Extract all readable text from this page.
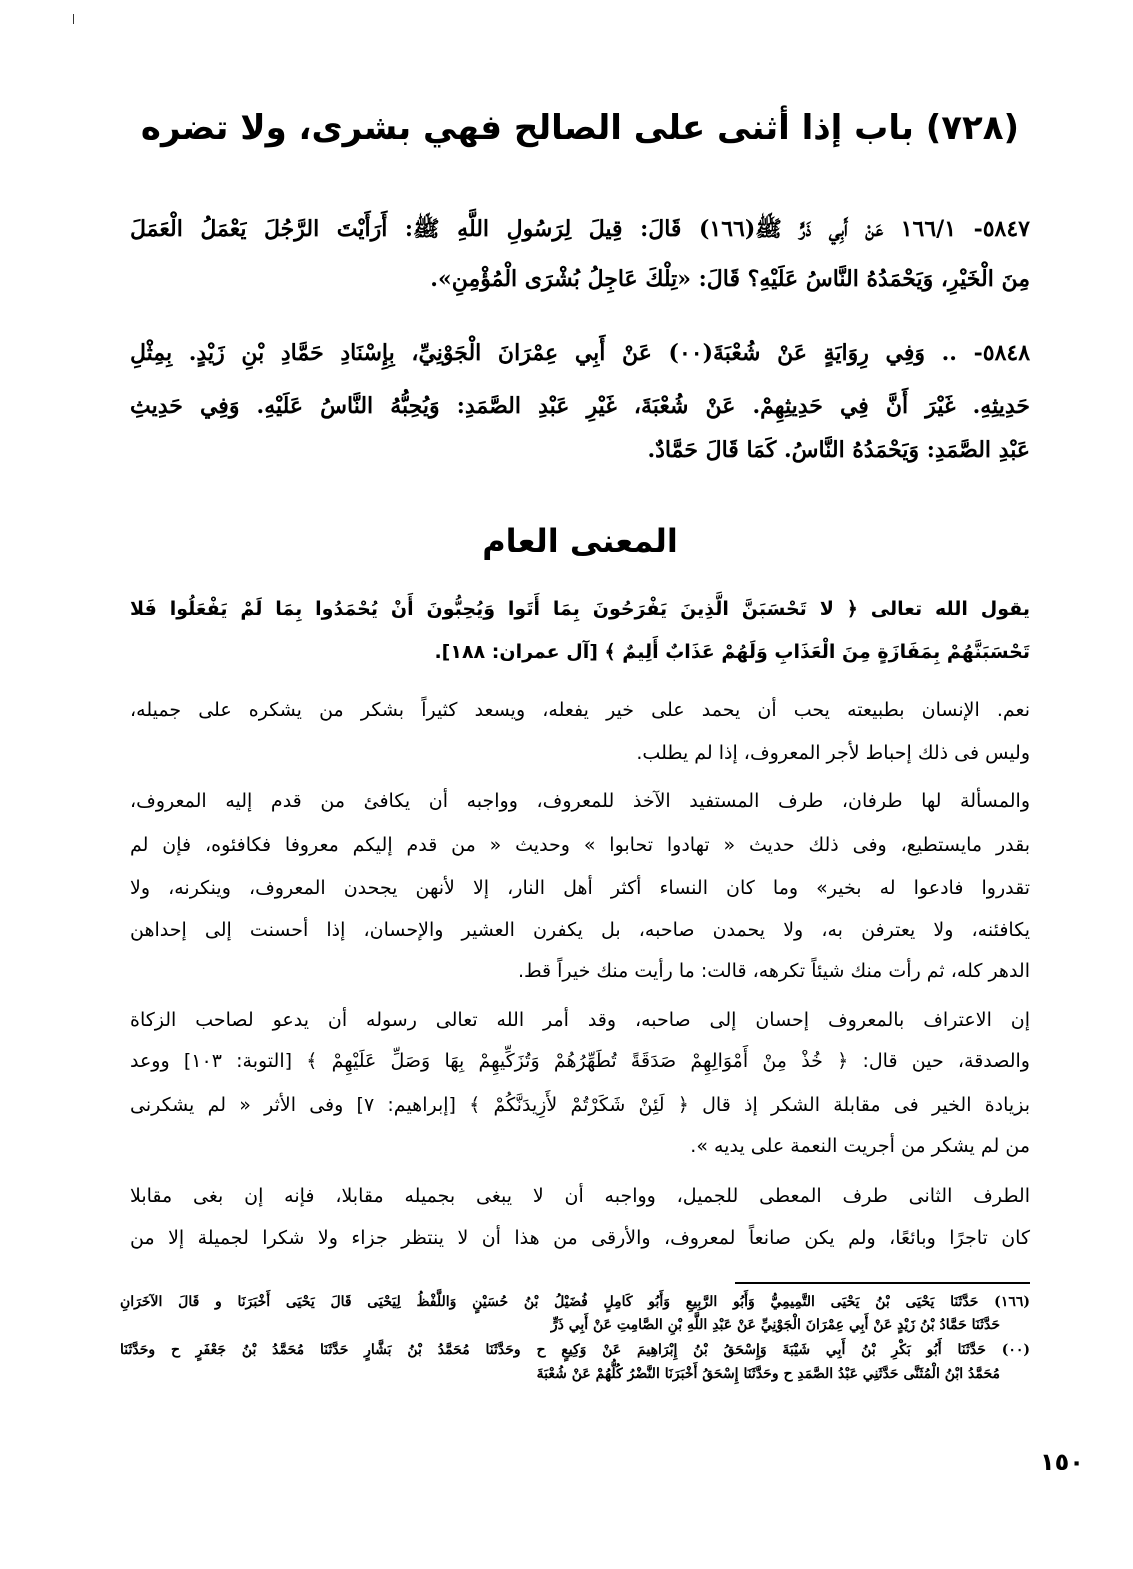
(٧٢٨) باب إذا أثنى على الصالح فهي بشرى، ولا تضره
٥٨٤٧- ١٦٦/١ عَنْ أَبِي ذَرٍّ ﷺ(١٦٦) قَالَ: قِيلَ لِرَسُولِ اللَّهِ ﷺ: أَرَأَيْتَ الرَّجُلَ يَعْمَلُ الْعَمَلَ
مِنَ الْخَيْرِ، وَيَحْمَدُهُ النَّاسُ عَلَيْهِ؟ قَالَ: «تِلْكَ عَاجِلُ بُشْرَى الْمُؤْمِنِ».
٥٨٤٨- .. وَفِي رِوَايَةٍ عَنْ شُعْبَةَ(٠٠) عَنْ أَبِي عِمْرَانَ الْجَوْنِيِّ، بِإِسْنَادِ حَمَّادِ بْنِ زَيْدٍ. بِمِثْلِ
حَدِيثِهِ. غَيْرَ أَنَّ فِي حَدِيثِهِمْ. عَنْ شُعْبَةَ، غَيْرِ عَبْدِ الصَّمَدِ: وَيُحِبُّهُ النَّاسُ عَلَيْهِ. وَفِي حَدِيثِ
عَبْدِ الصَّمَدِ: وَيَحْمَدُهُ النَّاسُ. كَمَا قَالَ حَمَّادٌ.
المعنى العام
يقول الله تعالى ﴿ لا تَحْسَبَنَّ الَّذِينَ يَفْرَحُونَ بِمَا أَتَوا وَيُحِبُّونَ أَنْ يُحْمَدُوا بِمَا لَمْ يَفْعَلُوا فَلا
تَحْسَبَنَّهُمْ بِمَفَازَةٍ مِنَ الْعَذَابِ وَلَهُمْ عَذَابٌ أَلِيمٌ ﴾ [آل عمران: ١٨٨].
نعم. الإنسان بطبيعته يحب أن يحمد على خير يفعله، ويسعد كثيراً بشكر من يشكره على جميله،
وليس فى ذلك إحباط لأجر المعروف، إذا لم يطلب.
والمسألة لها طرفان، طرف المستفيد الآخذ للمعروف، وواجبه أن يكافئ من قدم إليه المعروف،
بقدر مايستطيع، وفى ذلك حديث « تهادوا تحابوا » وحديث « من قدم إليكم معروفا فكافئوه، فإن لم
تقدروا فادعوا له بخير» وما كان النساء أكثر أهل النار، إلا لأنهن يجحدن المعروف، وينكرنه، ولا
يكافئنه، ولا يعترفن به، ولا يحمدن صاحبه، بل يكفرن العشير والإحسان، إذا أحسنت إلى إحداهن
الدهر كله، ثم رأت منك شيئاً تكرهه، قالت: ما رأيت منك خيراً قط.
إن الاعتراف بالمعروف إحسان إلى صاحبه، وقد أمر الله تعالى رسوله أن يدعو لصاحب الزكاة
والصدقة، حين قال: ﴿ خُذْ مِنْ أَمْوَالِهِمْ صَدَقَةً تُطَهِّرُهُمْ وَتُزَكِّيهِمْ بِهَا وَصَلِّ عَلَيْهِمْ ﴾ [التوبة: ١٠٣] ووعد
بزيادة الخير فى مقابلة الشكر إذ قال ﴿ لَئِنْ شَكَرْتُمْ لأَزِيدَنَّكُمْ ﴾ [إبراهيم: ٧] وفى الأثر « لم يشكرنى
من لم يشكر من أجريت النعمة على يديه ».
الطرف الثانى طرف المعطى للجميل، وواجبه أن لا يبغى بجميله مقابلا، فإنه إن بغى مقابلا
كان تاجرًا وبائعًا، ولم يكن صانعاً لمعروف، والأرقى من هذا أن لا ينتظر جزاء ولا شكرا لجميلة إلا من
(١٦٦) حَدَّثَنَا يَحْيَى بْنُ يَحْيَى التَّمِيمِيُّ وَأَبُو الرَّبِيعِ وَأَبُو كَامِلٍ فُضَيْلُ بْنُ حُسَيْنٍ وَاللَّفْظُ لِيَحْيَى قَالَ يَحْيَى أَخْبَرَنَا و قَالَ الآخَرَانِ
حَدَّثَنَا حَمَّادُ بْنُ زَيْدٍ عَنْ أَبِي عِمْرَانَ الْجَوْنِيِّ عَنْ عَبْدِ اللَّهِ بْنِ الصَّامِتِ عَنْ أَبِي ذَرٍّ
(٠٠) حَدَّثَنَا أَبُو بَكْرِ بْنُ أَبِي شَيْبَةَ وَإِسْحَقُ بْنُ إِبْرَاهِيمَ عَنْ وَكِيعٍ ح وحَدَّثَنَا مُحَمَّدُ بْنُ بَشَّارٍ حَدَّثَنَا مُحَمَّدُ بْنُ جَعْفَرٍ ح وحَدَّثَنَا
مُحَمَّدُ ابْنُ الْمُثَنَّى حَدَّثَنِي عَبْدُ الصَّمَدِ ح وحَدَّثَنَا إِسْحَقُ أَخْبَرَنَا النَّضْرُ كُلُّهُمْ عَنْ شُعْبَةَ
١٥٠
